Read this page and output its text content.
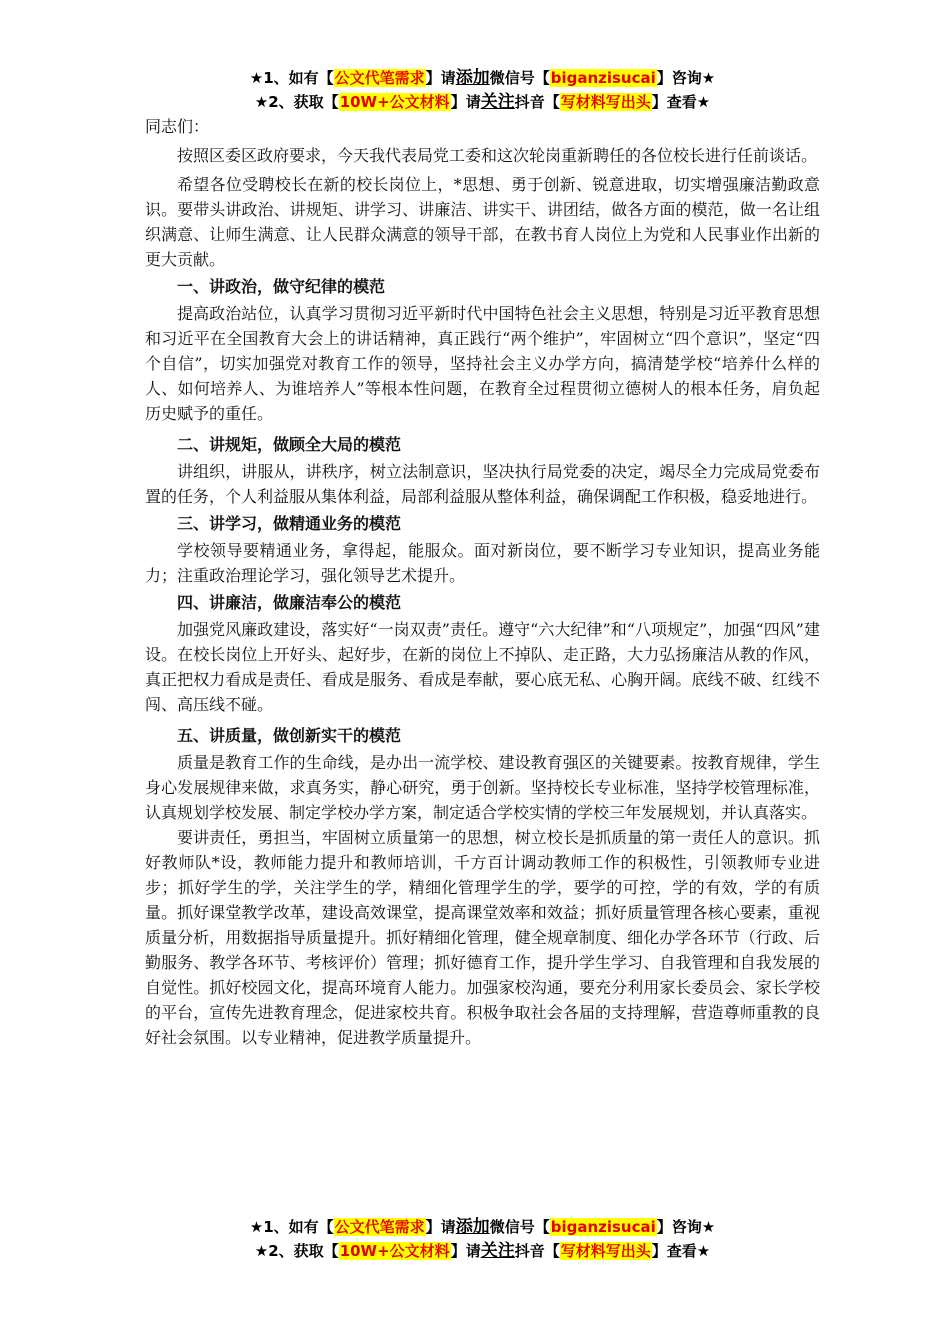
★1、如有【公文代笔需求】请添加微信号【biganzisucai】咨询★
★2、获取【10W+公文材料】请关注抖音【写材料写出头】查看★

同志们：

按照区委区政府要求，今天我代表局党工委和这次轮岗重新聘任的各位校长进行任前谈话。

希望各位受聘校长在新的校长岗位上，*思想、勇于创新、锐意进取，切实增强廉洁勤政意识。要带头讲政治、讲规矩、讲学习、讲廉洁、讲实干、讲团结，做各方面的模范，做一名让组织满意、让师生满意、让人民群众满意的领导干部，在教书育人岗位上为党和人民事业作出新的更大贡献。

一、讲政治，做守纪律的模范

提高政治站位，认真学习贯彻习近平新时代中国特色社会主义思想，特别是习近平教育思想和习近平在全国教育大会上的讲话精神，真正践行“两个维护”，牢固树立“四个意识”，坚定“四个自信”，切实加强党对教育工作的领导，坚持社会主义办学方向，搞清楚学校“培养什么样的人、如何培养人、为谁培养人”等根本性问题，在教育全过程贯彻立德树人的根本任务，肩负起历史赋予的重任。

二、讲规矩，做顾全大局的模范

讲组织，讲服从，讲秩序，树立法制意识，坚决执行局党委的决定，竭尽全力完成局党委布置的任务，个人利益服从集体利益，局部利益服从整体利益，确保调配工作积极，稳妥地进行。

三、讲学习，做精通业务的模范

学校领导要精通业务，拿得起，能服众。面对新岗位，要不断学习专业知识，提高业务能力；注重政治理论学习，强化领导艺术提升。

四、讲廉洁，做廉洁奉公的模范

加强党风廉政建设，落实好“一岗双责”责任。遵守“六大纪律”和“八项规定”，加强“四风”建设。在校长岗位上开好头、起好步，在新的岗位上不掉队、走正路，大力弘扬廉洁从教的作风，真正把权力看成是责任、看成是服务、看成是奉献，要心底无私、心胸开阔。底线不破、红线不闯、高压线不碰。

五、讲质量，做创新实干的模范

质量是教育工作的生命线，是办出一流学校、建设教育强区的关键要素。按教育规律，学生身心发展规律来做，求真务实，静心研究，勇于创新。坚持校长专业标准，坚持学校管理标准，认真规划学校发展、制定学校办学方案，制定适合学校实情的学校三年发展规划，并认真落实。

要讲责任，勇担当，牢固树立质量第一的思想，树立校长是抓质量的第一责任人的意识。抓好教师队*设，教师能力提升和教师培训，千方百计调动教师工作的积极性，引领教师专业进步；抓好学生的学，关注学生的学，精细化管理学生的学，要学的可控，学的有效，学的有质量。抓好课堂教学改革，建设高效课堂，提高课堂效率和效益；抓好质量管理各核心要素，重视质量分析，用数据指导质量提升。抓好精细化管理，健全规章制度、细化办学各环节（行政、后勤服务、教学各环节、考核评价）管理；抓好德育工作，提升学生学习、自我管理和自我发展的自觉性。抓好校园文化，提高环境育人能力。加强家校沟通，要充分利用家长委员会、家长学校的平台，宣传先进教育理念，促进家校共育。积极争取社会各届的支持理解，营造尊师重教的良好社会氛围。以专业精神，促进教学质量提升。

★1、如有【公文代笔需求】请添加微信号【biganzisucai】咨询★
★2、获取【10W+公文材料】请关注抖音【写材料写出头】查看★
